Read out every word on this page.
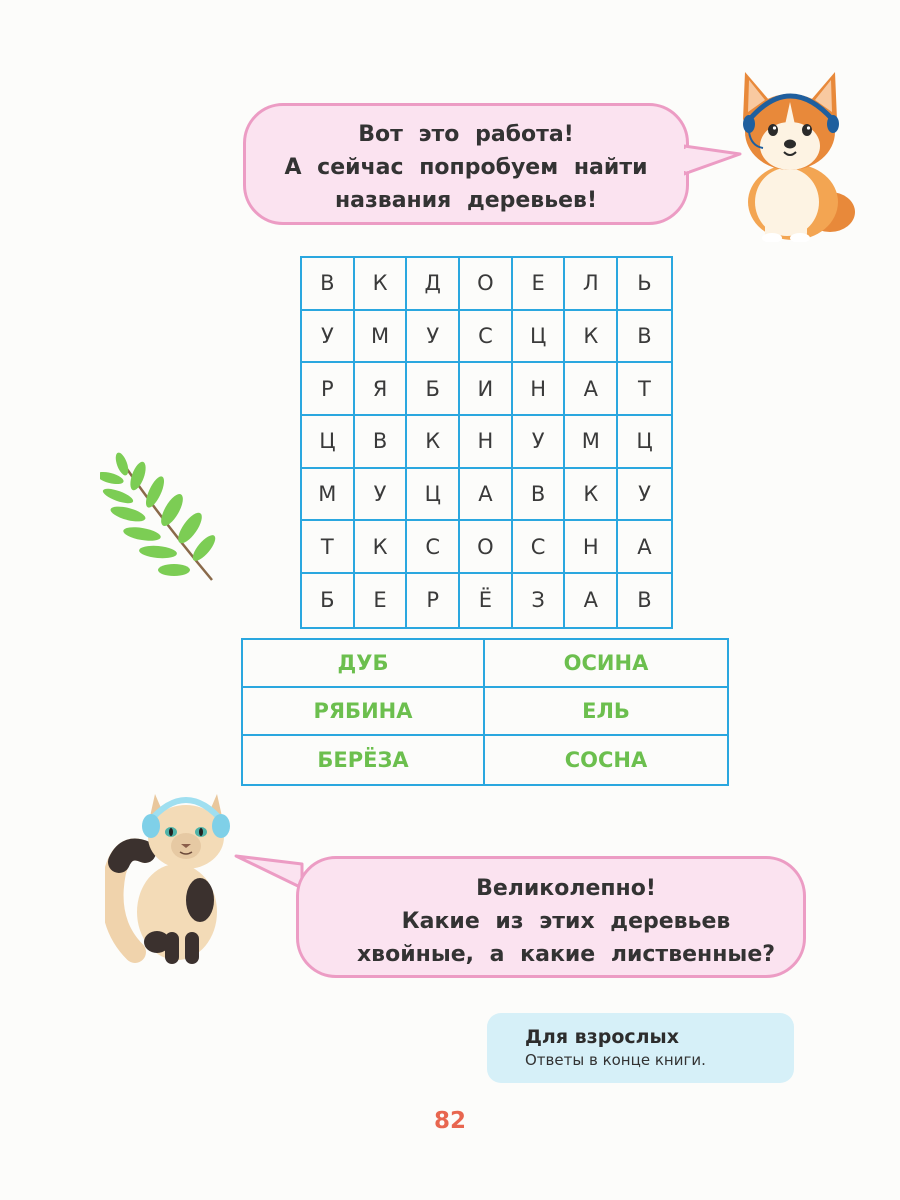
Вот это работа!
А сейчас попробуем найти
названия деревьев!
В	К	Д	О	Е	Л	Ь
У	М	У	С	Ц	К	В
Р	Я	Б	И	Н	А	Т
Ц	В	К	Н	У	М	Ц
М	У	Ц	А	В	К	У
Т	К	С	О	С	Н	А
Б	Е	Р	Ё	З	А	В
ДУБ	ОСИНА
РЯБИНА	ЕЛЬ
БЕРЁЗА	СОСНА
Великолепно!
Какие из этих деревьев
хвойные, а какие лиственные?
Для взрослых
Ответы в конце книги.
82
